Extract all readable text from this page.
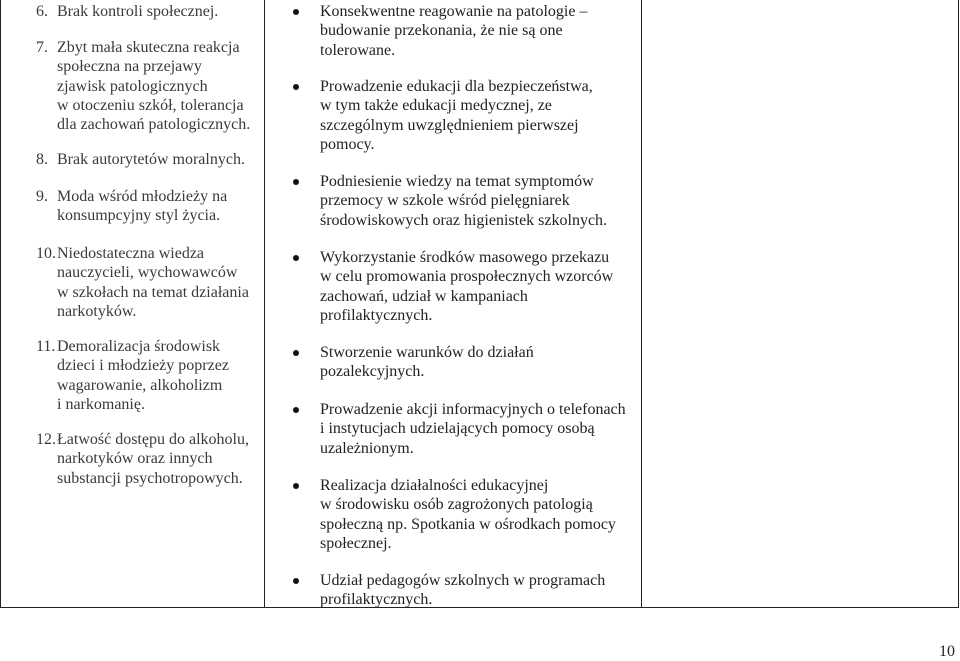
6. Brak kontroli społecznej.
7. Zbyt mała skuteczna reakcja
społeczna na przejawy
zjawisk patologicznych
w otoczeniu szkół, tolerancja
dla zachowań patologicznych.
8. Brak autorytetów moralnych.
9. Moda wśród młodzieży na
konsumpcyjny styl życia.
10. Niedostateczna wiedza
nauczycieli, wychowawców
w szkołach na temat działania
narkotyków.
11. Demoralizacja środowisk
dzieci i młodzieży poprzez
wagarowanie, alkoholizm
i narkomanię.
12. Łatwość dostępu do alkoholu,
narkotyków oraz innych
substancji psychotropowych.
Konsekwentne reagowanie na patologie –
budowanie przekonania, że nie są one
tolerowane.
Prowadzenie edukacji dla bezpieczeństwa,
w tym także edukacji medycznej, ze
szczególnym uwzględnieniem pierwszej
pomocy.
Podniesienie wiedzy na temat symptomów
przemocy w szkole wśród pielęgniarek
środowiskowych oraz higienistek szkolnych.
Wykorzystanie środków masowego przekazu
w celu promowania prospołecznych wzorców
zachowań, udział w kampaniach
profilaktycznych.
Stworzenie warunków do działań
pozalekcyjnych.
Prowadzenie akcji informacyjnych o telefonach
i instytucjach udzielających pomocy osobą
uzależnionym.
Realizacja działalności edukacyjnej
w środowisku osób zagrożonych patologią
społeczną np. Spotkania w ośrodkach pomocy
społecznej.
Udział pedagogów szkolnych w programach
profilaktycznych.
10
